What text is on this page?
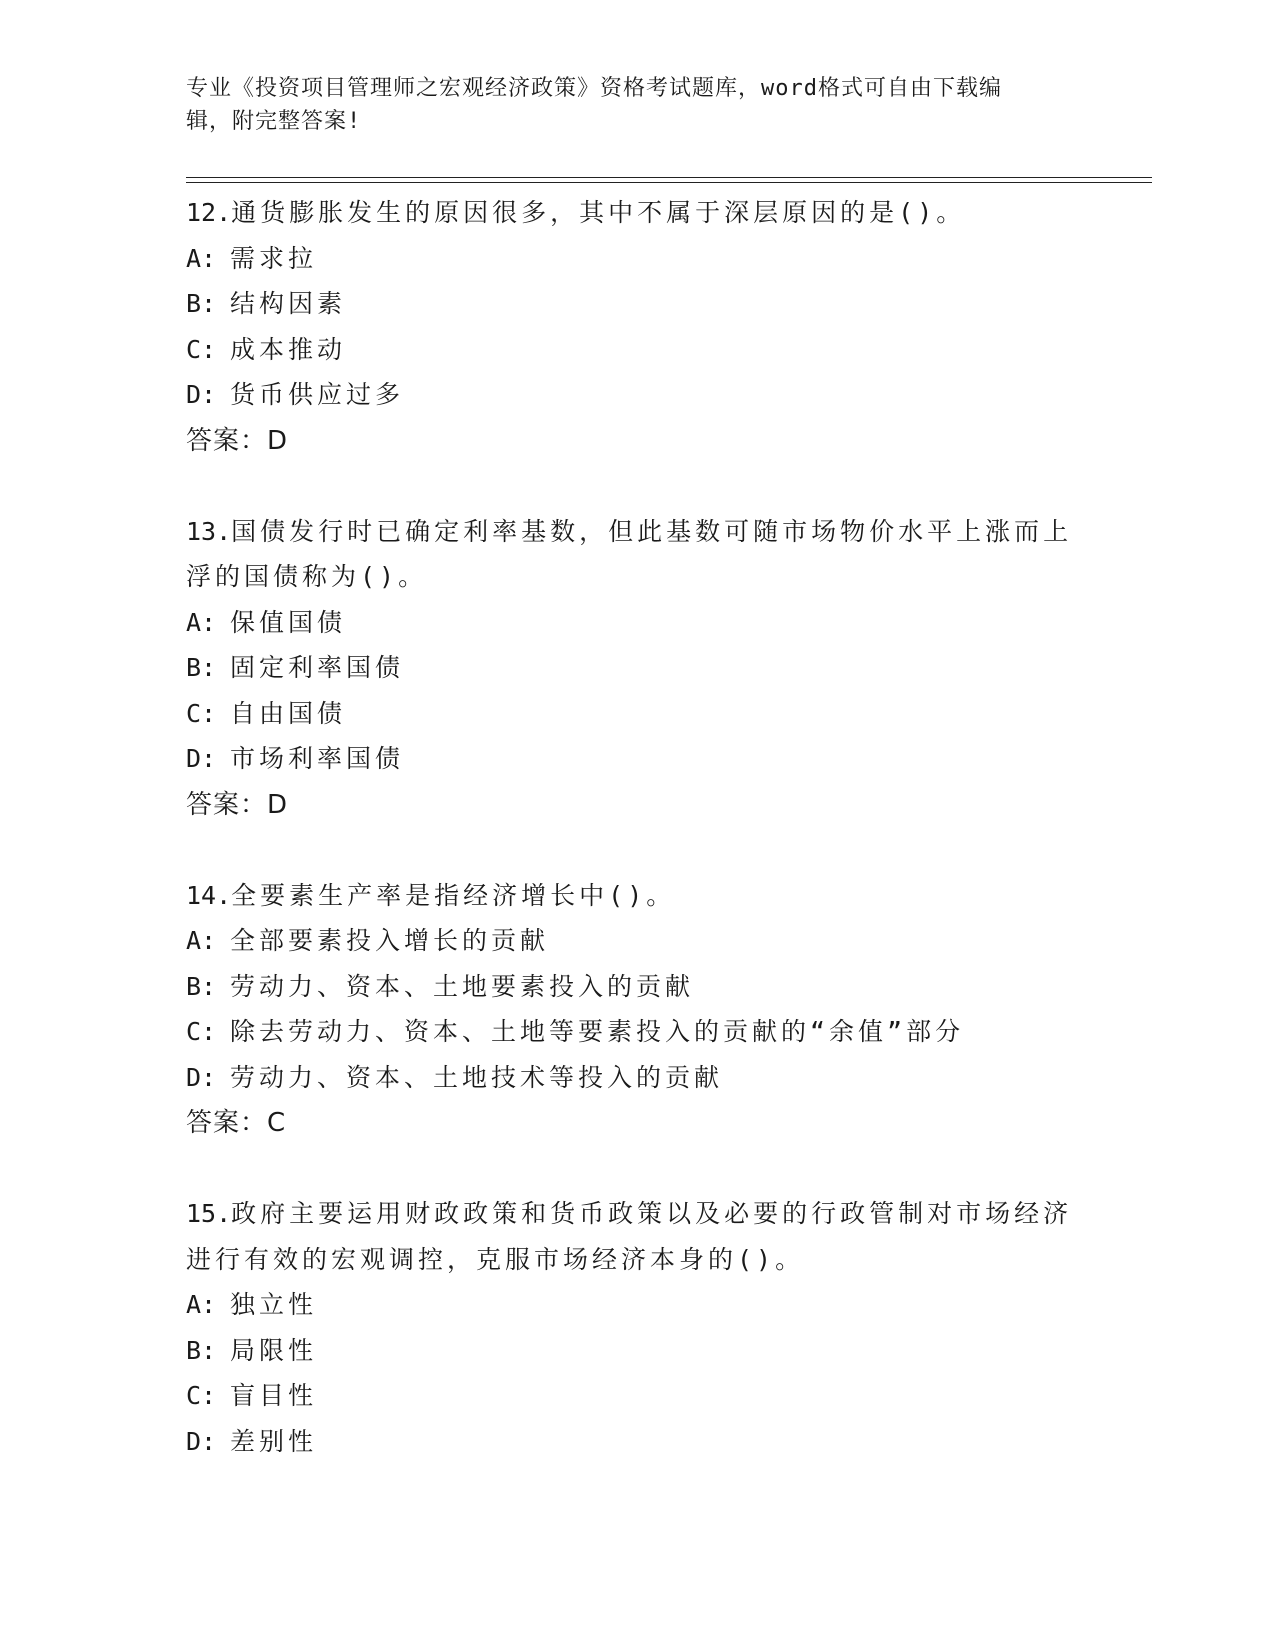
专业《投资项目管理师之宏观经济政策》资格考试题库，word格式可自由下载编
辑，附完整答案!
12.通货膨胀发生的原因很多，其中不属于深层原因的是()。
A: 需求拉
B: 结构因素
C: 成本推动
D: 货币供应过多
答案：D
13.国债发行时已确定利率基数，但此基数可随市场物价水平上涨而上
浮的国债称为()。
A: 保值国债
B: 固定利率国债
C: 自由国债
D: 市场利率国债
答案：D
14.全要素生产率是指经济增长中()。
A: 全部要素投入增长的贡献
B: 劳动力、资本、土地要素投入的贡献
C: 除去劳动力、资本、土地等要素投入的贡献的“余值”部分
D: 劳动力、资本、土地技术等投入的贡献
答案：C
15.政府主要运用财政政策和货币政策以及必要的行政管制对市场经济
进行有效的宏观调控，克服市场经济本身的()。
A: 独立性
B: 局限性
C: 盲目性
D: 差别性
